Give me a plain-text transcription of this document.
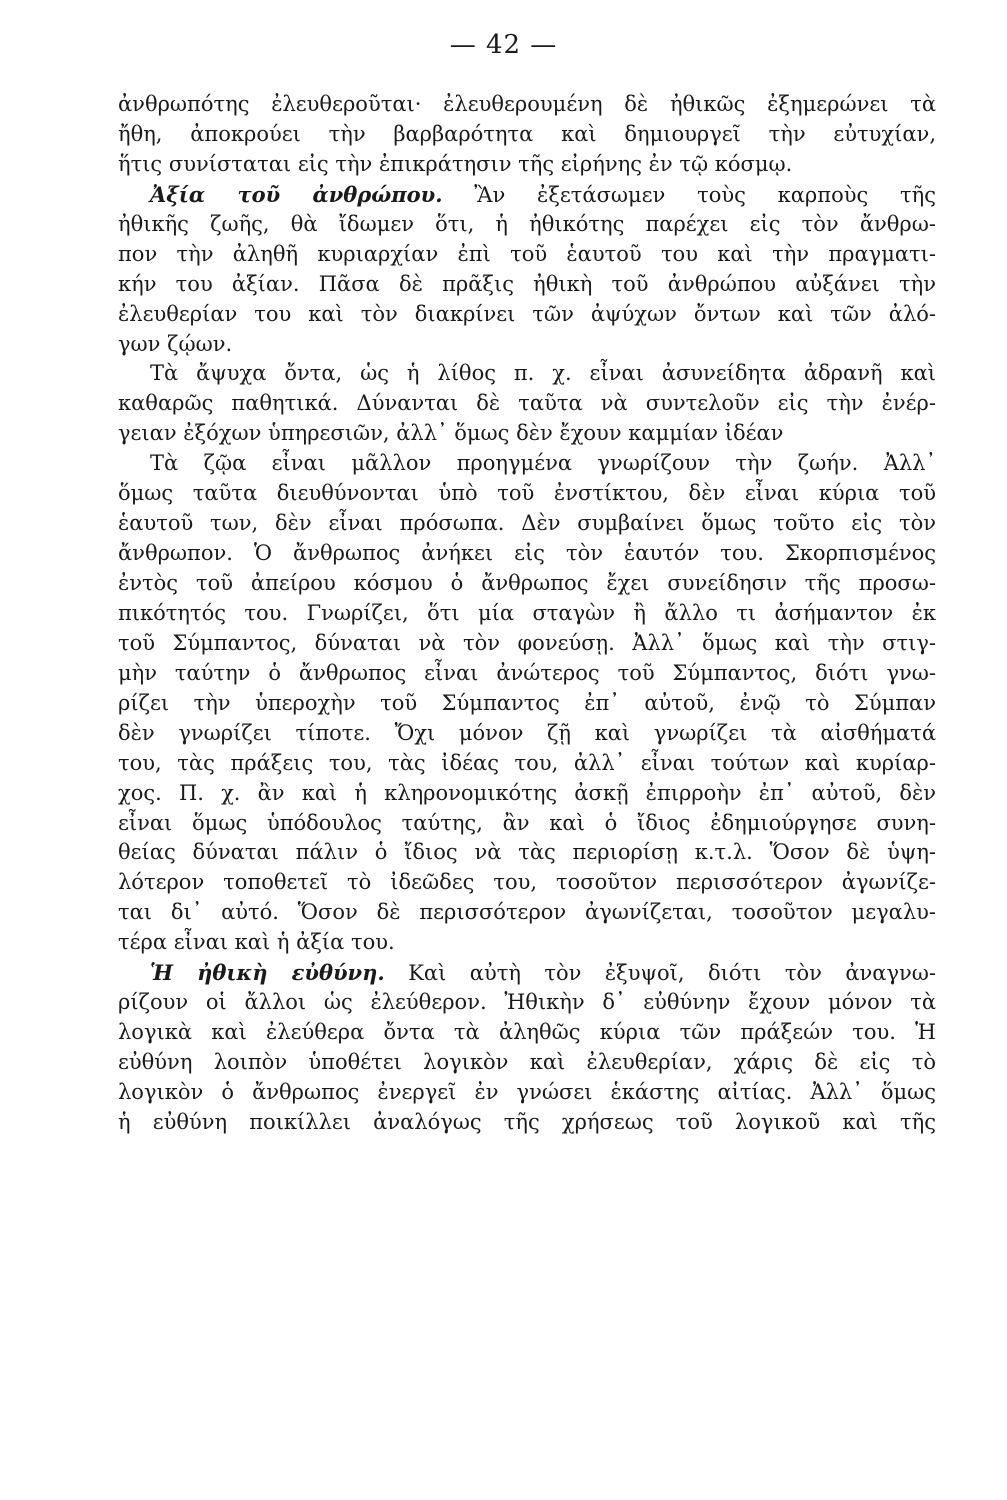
— 42 —
ἀνθρωπότης ἐλευθεροῦται· ἐλευθερουμένη δὲ ἠθικῶς ἐξημερώνει τὰ
ἤθη, ἀποκρούει τὴν βαρβαρότητα καὶ δημιουργεῖ τὴν εὐτυχίαν,
ἥτις συνίσταται εἰς τὴν ἐπικράτησιν τῆς εἰρήνης ἐν τῷ κόσμῳ.
Ἀξία τοῦ ἀνθρώπου. Ἂν ἐξετάσωμεν τοὺς καρποὺς τῆς
ἠθικῆς ζωῆς, θὰ ἴδωμεν ὅτι, ἡ ἠθικότης παρέχει εἰς τὸν ἄνθρω-
πον τὴν ἀληθῆ κυριαρχίαν ἐπὶ τοῦ ἑαυτοῦ του καὶ τὴν πραγματι-
κήν του ἀξίαν. Πᾶσα δὲ πρᾶξις ἠθικὴ τοῦ ἀνθρώπου αὐξάνει τὴν
ἐλευθερίαν του καὶ τὸν διακρίνει τῶν ἀψύχων ὄντων καὶ τῶν ἀλό-
γων ζῴων.
Τὰ ἄψυχα ὄντα, ὡς ἡ λίθος π. χ. εἶναι ἀσυνείδητα ἀδρανῆ καὶ
καθαρῶς παθητικά. Δύνανται δὲ ταῦτα νὰ συντελοῦν εἰς τὴν ἐνέρ-
γειαν ἐξόχων ὑπηρεσιῶν, ἀλλ᾽ ὅμως δὲν ἔχουν καμμίαν ἰδέαν
Τὰ ζῷα εἶναι μᾶλλον προηγμένα γνωρίζουν τὴν ζωήν. Ἀλλ᾽
ὅμως ταῦτα διευθύνονται ὑπὸ τοῦ ἐνστίκτου, δὲν εἶναι κύρια τοῦ
ἑαυτοῦ των, δὲν εἶναι πρόσωπα. Δὲν συμβαίνει ὅμως τοῦτο εἰς τὸν
ἄνθρωπον. Ὁ ἄνθρωπος ἀνήκει εἰς τὸν ἑαυτόν του. Σκορπισμένος
ἐντὸς τοῦ ἀπείρου κόσμου ὁ ἄνθρωπος ἔχει συνείδησιν τῆς προσω-
πικότητός του. Γνωρίζει, ὅτι μία σταγὼν ἢ ἄλλο τι ἀσήμαντον ἐκ
τοῦ Σύμπαντος, δύναται νὰ τὸν φονεύσῃ. Ἀλλ᾽ ὅμως καὶ τὴν στιγ-
μὴν ταύτην ὁ ἄνθρωπος εἶναι ἀνώτερος τοῦ Σύμπαντος, διότι γνω-
ρίζει τὴν ὑπεροχὴν τοῦ Σύμπαντος ἐπ᾽ αὐτοῦ, ἐνῷ τὸ Σύμπαν
δὲν γνωρίζει τίποτε. Ὄχι μόνον ζῇ καὶ γνωρίζει τὰ αἰσθήματά
του, τὰς πράξεις του, τὰς ἰδέας του, ἀλλ᾽ εἶναι τούτων καὶ κυρίαρ-
χος. Π. χ. ἂν καὶ ἡ κληρονομικότης ἀσκῇ ἐπιρροὴν ἐπ᾽ αὐτοῦ, δὲν
εἶναι ὅμως ὑπόδουλος ταύτης, ἂν καὶ ὁ ἴδιος ἐδημιούργησε συνη-
θείας δύναται πάλιν ὁ ἴδιος νὰ τὰς περιορίσῃ κ.τ.λ. Ὅσον δὲ ὑψη-
λότερον τοποθετεῖ τὸ ἰδεῶδες του, τοσοῦτον περισσότερον ἀγωνίζε-
ται δι᾽ αὐτό. Ὅσον δὲ περισσότερον ἀγωνίζεται, τοσοῦτον μεγαλυ-
τέρα εἶναι καὶ ἡ ἀξία του.
Ἡ ἠθικὴ εὐθύνη. Καὶ αὐτὴ τὸν ἐξυψοῖ, διότι τὸν ἀναγνω-
ρίζουν οἱ ἄλλοι ὡς ἐλεύθερον. Ἠθικὴν δ᾽ εὐθύνην ἔχουν μόνον τὰ
λογικὰ καὶ ἐλεύθερα ὄντα τὰ ἀληθῶς κύρια τῶν πράξεών του. Ἡ
εὐθύνη λοιπὸν ὑποθέτει λογικὸν καὶ ἐλευθερίαν, χάρις δὲ εἰς τὸ
λογικὸν ὁ ἄνθρωπος ἐνεργεῖ ἐν γνώσει ἑκάστης αἰτίας. Ἀλλ᾽ ὅμως
ἡ εὐθύνη ποικίλλει ἀναλόγως τῆς χρήσεως τοῦ λογικοῦ καὶ τῆς
